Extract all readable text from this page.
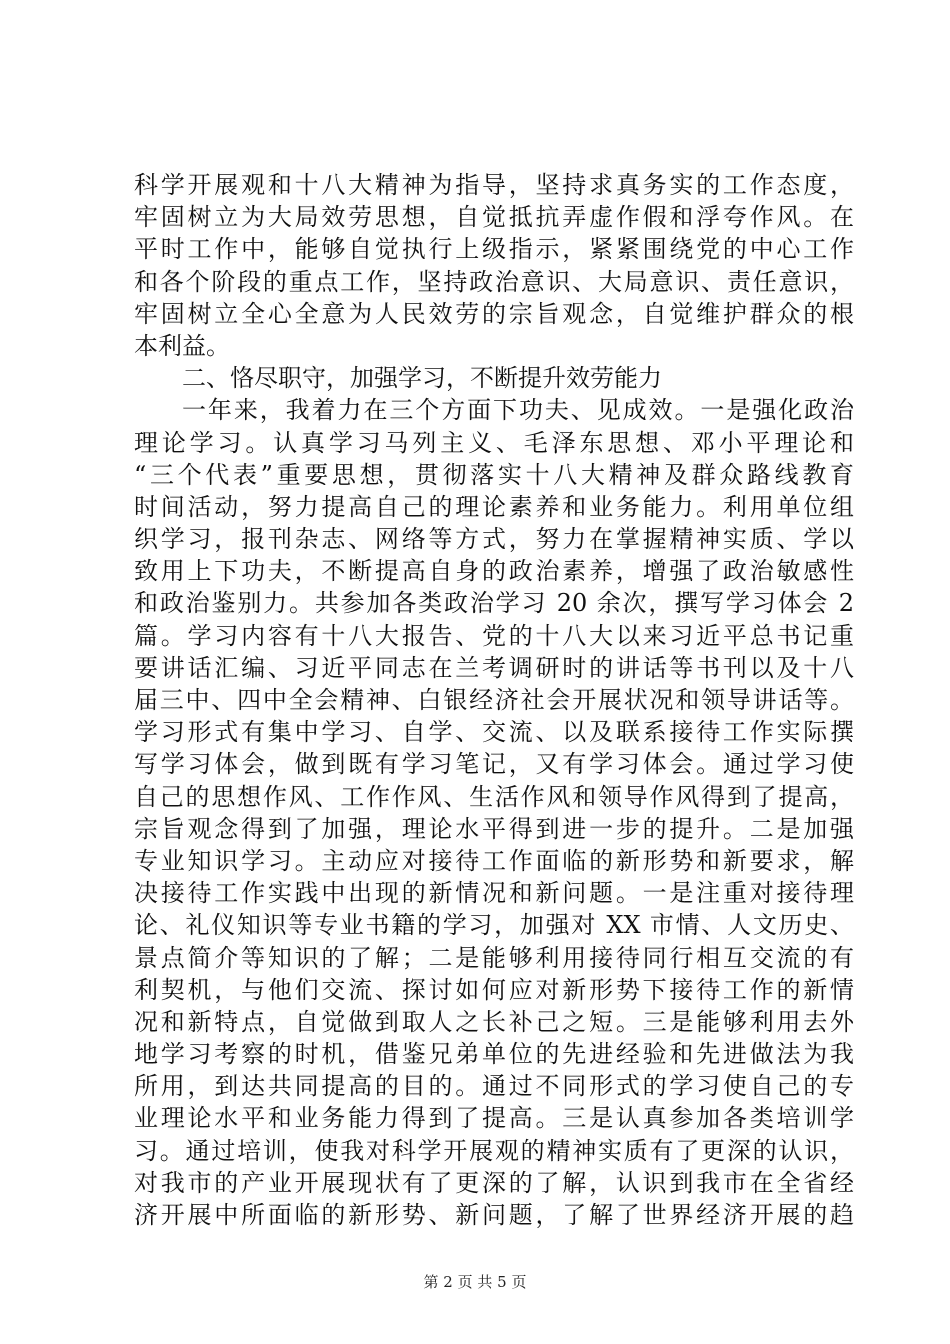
科学开展观和十八大精神为指导，坚持求真务实的工作态度，
牢固树立为大局效劳思想，自觉抵抗弄虚作假和浮夸作风。在
平时工作中，能够自觉执行上级指示，紧紧围绕党的中心工作
和各个阶段的重点工作，坚持政治意识、大局意识、责任意识，
牢固树立全心全意为人民效劳的宗旨观念，自觉维护群众的根
本利益。
二、恪尽职守，加强学习，不断提升效劳能力
一年来，我着力在三个方面下功夫、见成效。一是强化政治
理论学习。认真学习马列主义、毛泽东思想、邓小平理论和
“三个代表”重要思想，贯彻落实十八大精神及群众路线教育
时间活动，努力提高自己的理论素养和业务能力。利用单位组
织学习，报刊杂志、网络等方式，努力在掌握精神实质、学以
致用上下功夫，不断提高自身的政治素养，增强了政治敏感性
和政治鉴别力。共参加各类政治学习 20 余次，撰写学习体会 2
篇。学习内容有十八大报告、党的十八大以来习近平总书记重
要讲话汇编、习近平同志在兰考调研时的讲话等书刊以及十八
届三中、四中全会精神、白银经济社会开展状况和领导讲话等。
学习形式有集中学习、自学、交流、以及联系接待工作实际撰
写学习体会，做到既有学习笔记，又有学习体会。通过学习使
自己的思想作风、工作作风、生活作风和领导作风得到了提高，
宗旨观念得到了加强，理论水平得到进一步的提升。二是加强
专业知识学习。主动应对接待工作面临的新形势和新要求，解
决接待工作实践中出现的新情况和新问题。一是注重对接待理
论、礼仪知识等专业书籍的学习，加强对 XX 市情、人文历史、
景点简介等知识的了解；二是能够利用接待同行相互交流的有
利契机，与他们交流、探讨如何应对新形势下接待工作的新情
况和新特点，自觉做到取人之长补己之短。三是能够利用去外
地学习考察的时机，借鉴兄弟单位的先进经验和先进做法为我
所用，到达共同提高的目的。通过不同形式的学习使自己的专
业理论水平和业务能力得到了提高。三是认真参加各类培训学
习。通过培训，使我对科学开展观的精神实质有了更深的认识，
对我市的产业开展现状有了更深的了解，认识到我市在全省经
济开展中所面临的新形势、新问题，了解了世界经济开展的趋
第 2 页 共 5 页
